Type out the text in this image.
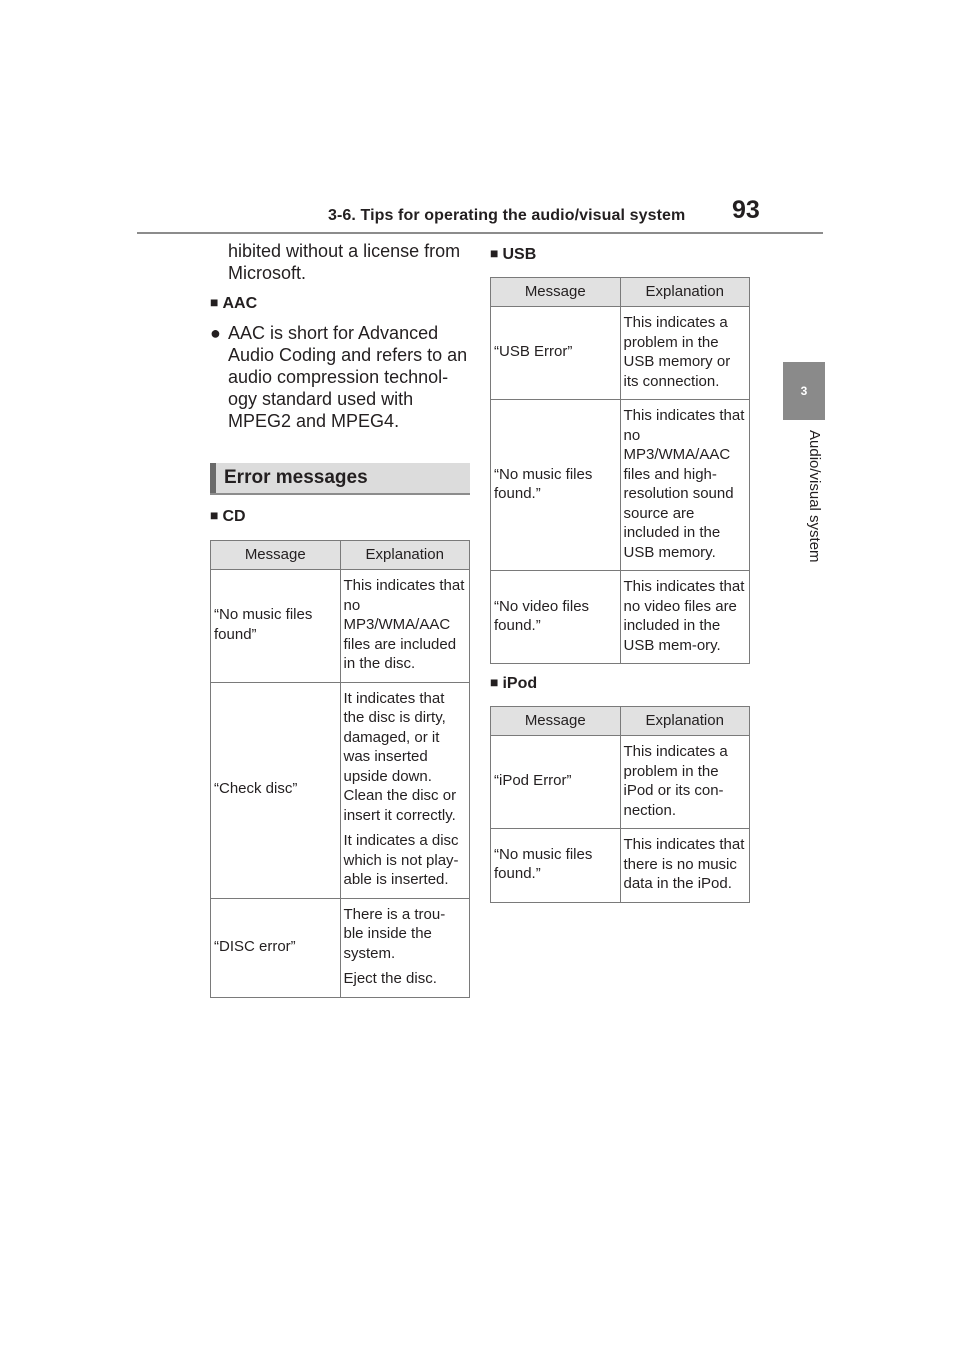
3-6. Tips for operating the audio/visual system 93
3
Audio/visual system
hibited without a license from Microsoft.
■ AAC
● AAC is short for Advanced Audio Coding and refers to an audio compression technol-ogy standard used with MPEG2 and MPEG4.
Error messages
■ CD
Message	Explanation
“No music files found”	This indicates that no MP3/WMA/AAC files are included in the disc.

“Check disc”	It indicates that the disc is dirty, damaged, or it was inserted upside down. Clean the disc or insert it correctly.

It indicates a disc which is not play-able is inserted.

“DISC error”	There is a trou-ble inside the system.

Eject the disc.

■ USB
Message	Explanation
“USB Error”	This indicates a problem in the USB memory or its connection.

“No music files found.”	This indicates that no MP3/WMA/AAC files and high-resolution sound source are included in the USB memory.

“No video files found.”	This indicates that no video files are included in the USB mem-ory.

■ iPod
Message	Explanation
“iPod Error”	This indicates a problem in the iPod or its con-nection.

“No music files found.”	This indicates that there is no music data in the iPod.
